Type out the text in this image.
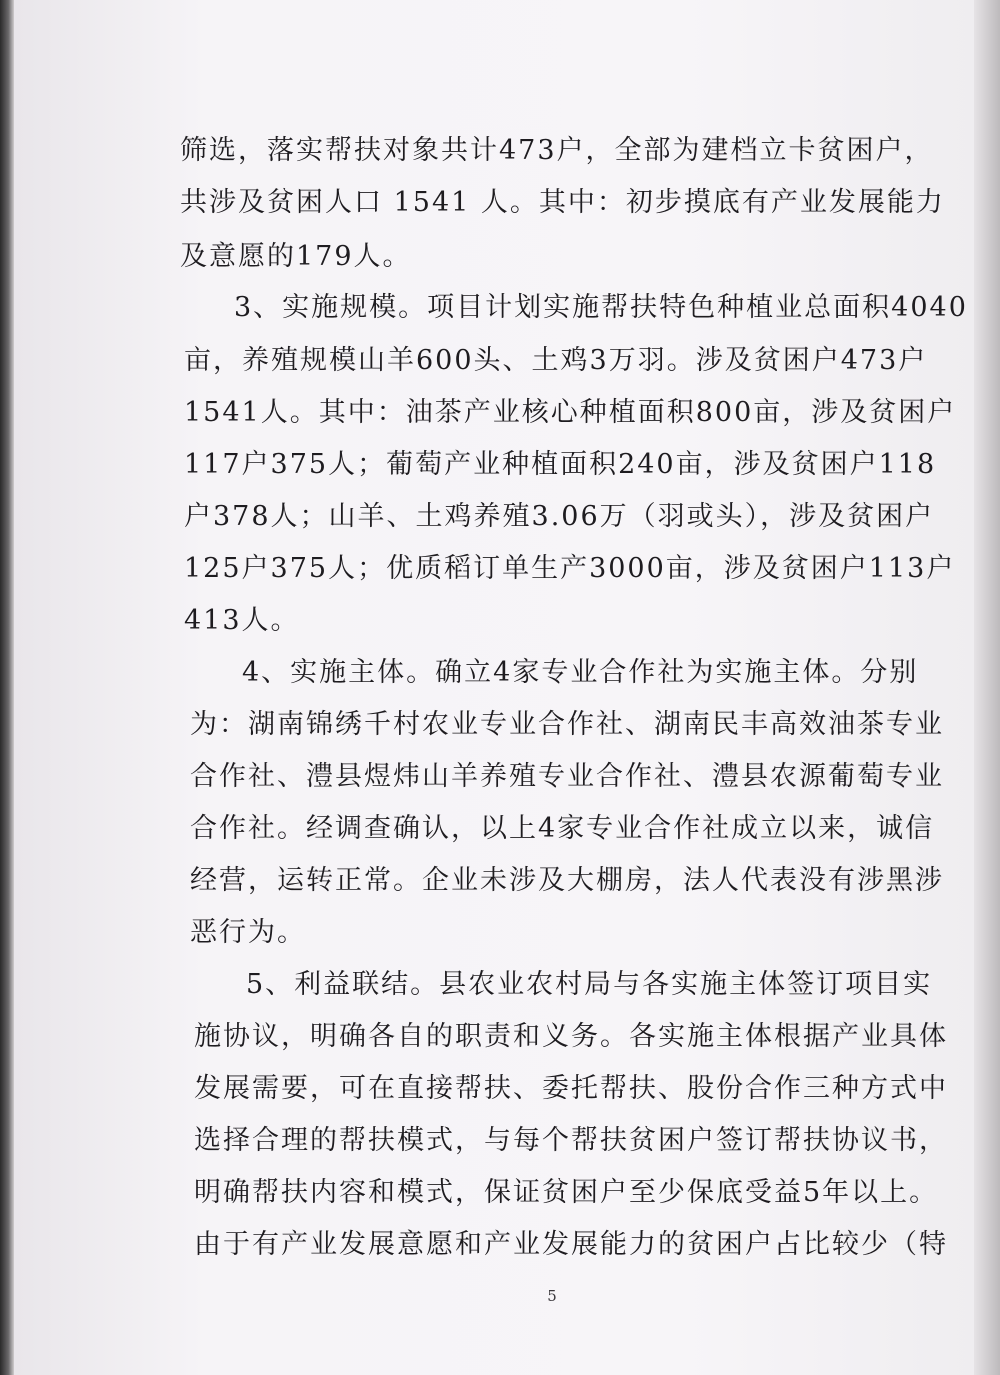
筛选，落实帮扶对象共计473户，全部为建档立卡贫困户，
共涉及贫困人口 1541 人。其中：初步摸底有产业发展能力
及意愿的179人。
3、实施规模。项目计划实施帮扶特色种植业总面积4040
亩，养殖规模山羊600头、土鸡3万羽。涉及贫困户473户
1541人。其中：油茶产业核心种植面积800亩，涉及贫困户
117户375人；葡萄产业种植面积240亩，涉及贫困户118
户378人；山羊、土鸡养殖3.06万（羽或头），涉及贫困户
125户375人；优质稻订单生产3000亩，涉及贫困户113户
413人。
4、实施主体。确立4家专业合作社为实施主体。分别
为：湖南锦绣千村农业专业合作社、湖南民丰高效油茶专业
合作社、澧县煜炜山羊养殖专业合作社、澧县农源葡萄专业
合作社。经调查确认，以上4家专业合作社成立以来，诚信
经营，运转正常。企业未涉及大棚房，法人代表没有涉黑涉
恶行为。
5、利益联结。县农业农村局与各实施主体签订项目实
施协议，明确各自的职责和义务。各实施主体根据产业具体
发展需要，可在直接帮扶、委托帮扶、股份合作三种方式中
选择合理的帮扶模式，与每个帮扶贫困户签订帮扶协议书，
明确帮扶内容和模式，保证贫困户至少保底受益5年以上。
由于有产业发展意愿和产业发展能力的贫困户占比较少（特
5
